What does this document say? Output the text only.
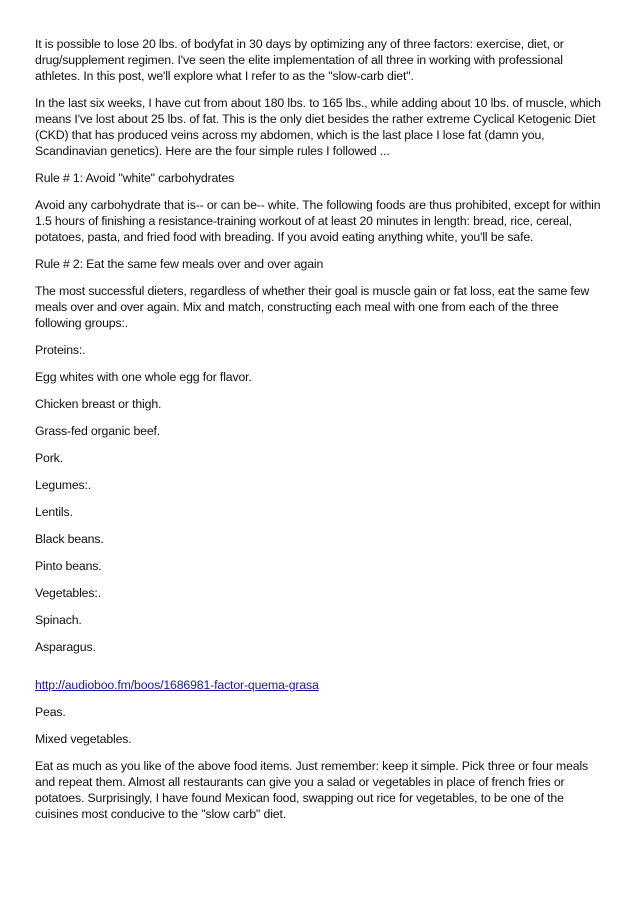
It is possible to lose 20 lbs. of bodyfat in 30 days by optimizing any of three factors: exercise, diet, or drug/supplement regimen. I've seen the elite implementation of all three in working with professional athletes. In this post, we'll explore what I refer to as the "slow-carb diet".

In the last six weeks, I have cut from about 180 lbs. to 165 lbs., while adding about 10 lbs. of muscle, which means I've lost about 25 lbs. of fat. This is the only diet besides the rather extreme Cyclical Ketogenic Diet (CKD) that has produced veins across my abdomen, which is the last place I lose fat (damn you, Scandinavian genetics). Here are the four simple rules I followed ...

Rule # 1: Avoid "white" carbohydrates

Avoid any carbohydrate that is-- or can be-- white. The following foods are thus prohibited, except for within 1.5 hours of finishing a resistance-training workout of at least 20 minutes in length: bread, rice, cereal, potatoes, pasta, and fried food with breading. If you avoid eating anything white, you'll be safe.

Rule # 2: Eat the same few meals over and over again

The most successful dieters, regardless of whether their goal is muscle gain or fat loss, eat the same few meals over and over again. Mix and match, constructing each meal with one from each of the three following groups:.

Proteins:.

Egg whites with one whole egg for flavor.

Chicken breast or thigh.

Grass-fed organic beef.

Pork.

Legumes:.

Lentils.

Black beans.

Pinto beans.

Vegetables:.

Spinach.

Asparagus.

http://audioboo.fm/boos/1686981-factor-quema-grasa

Peas.

Mixed vegetables.

Eat as much as you like of the above food items. Just remember: keep it simple. Pick three or four meals and repeat them. Almost all restaurants can give you a salad or vegetables in place of french fries or potatoes. Surprisingly, I have found Mexican food, swapping out rice for vegetables, to be one of the cuisines most conducive to the "slow carb" diet.
